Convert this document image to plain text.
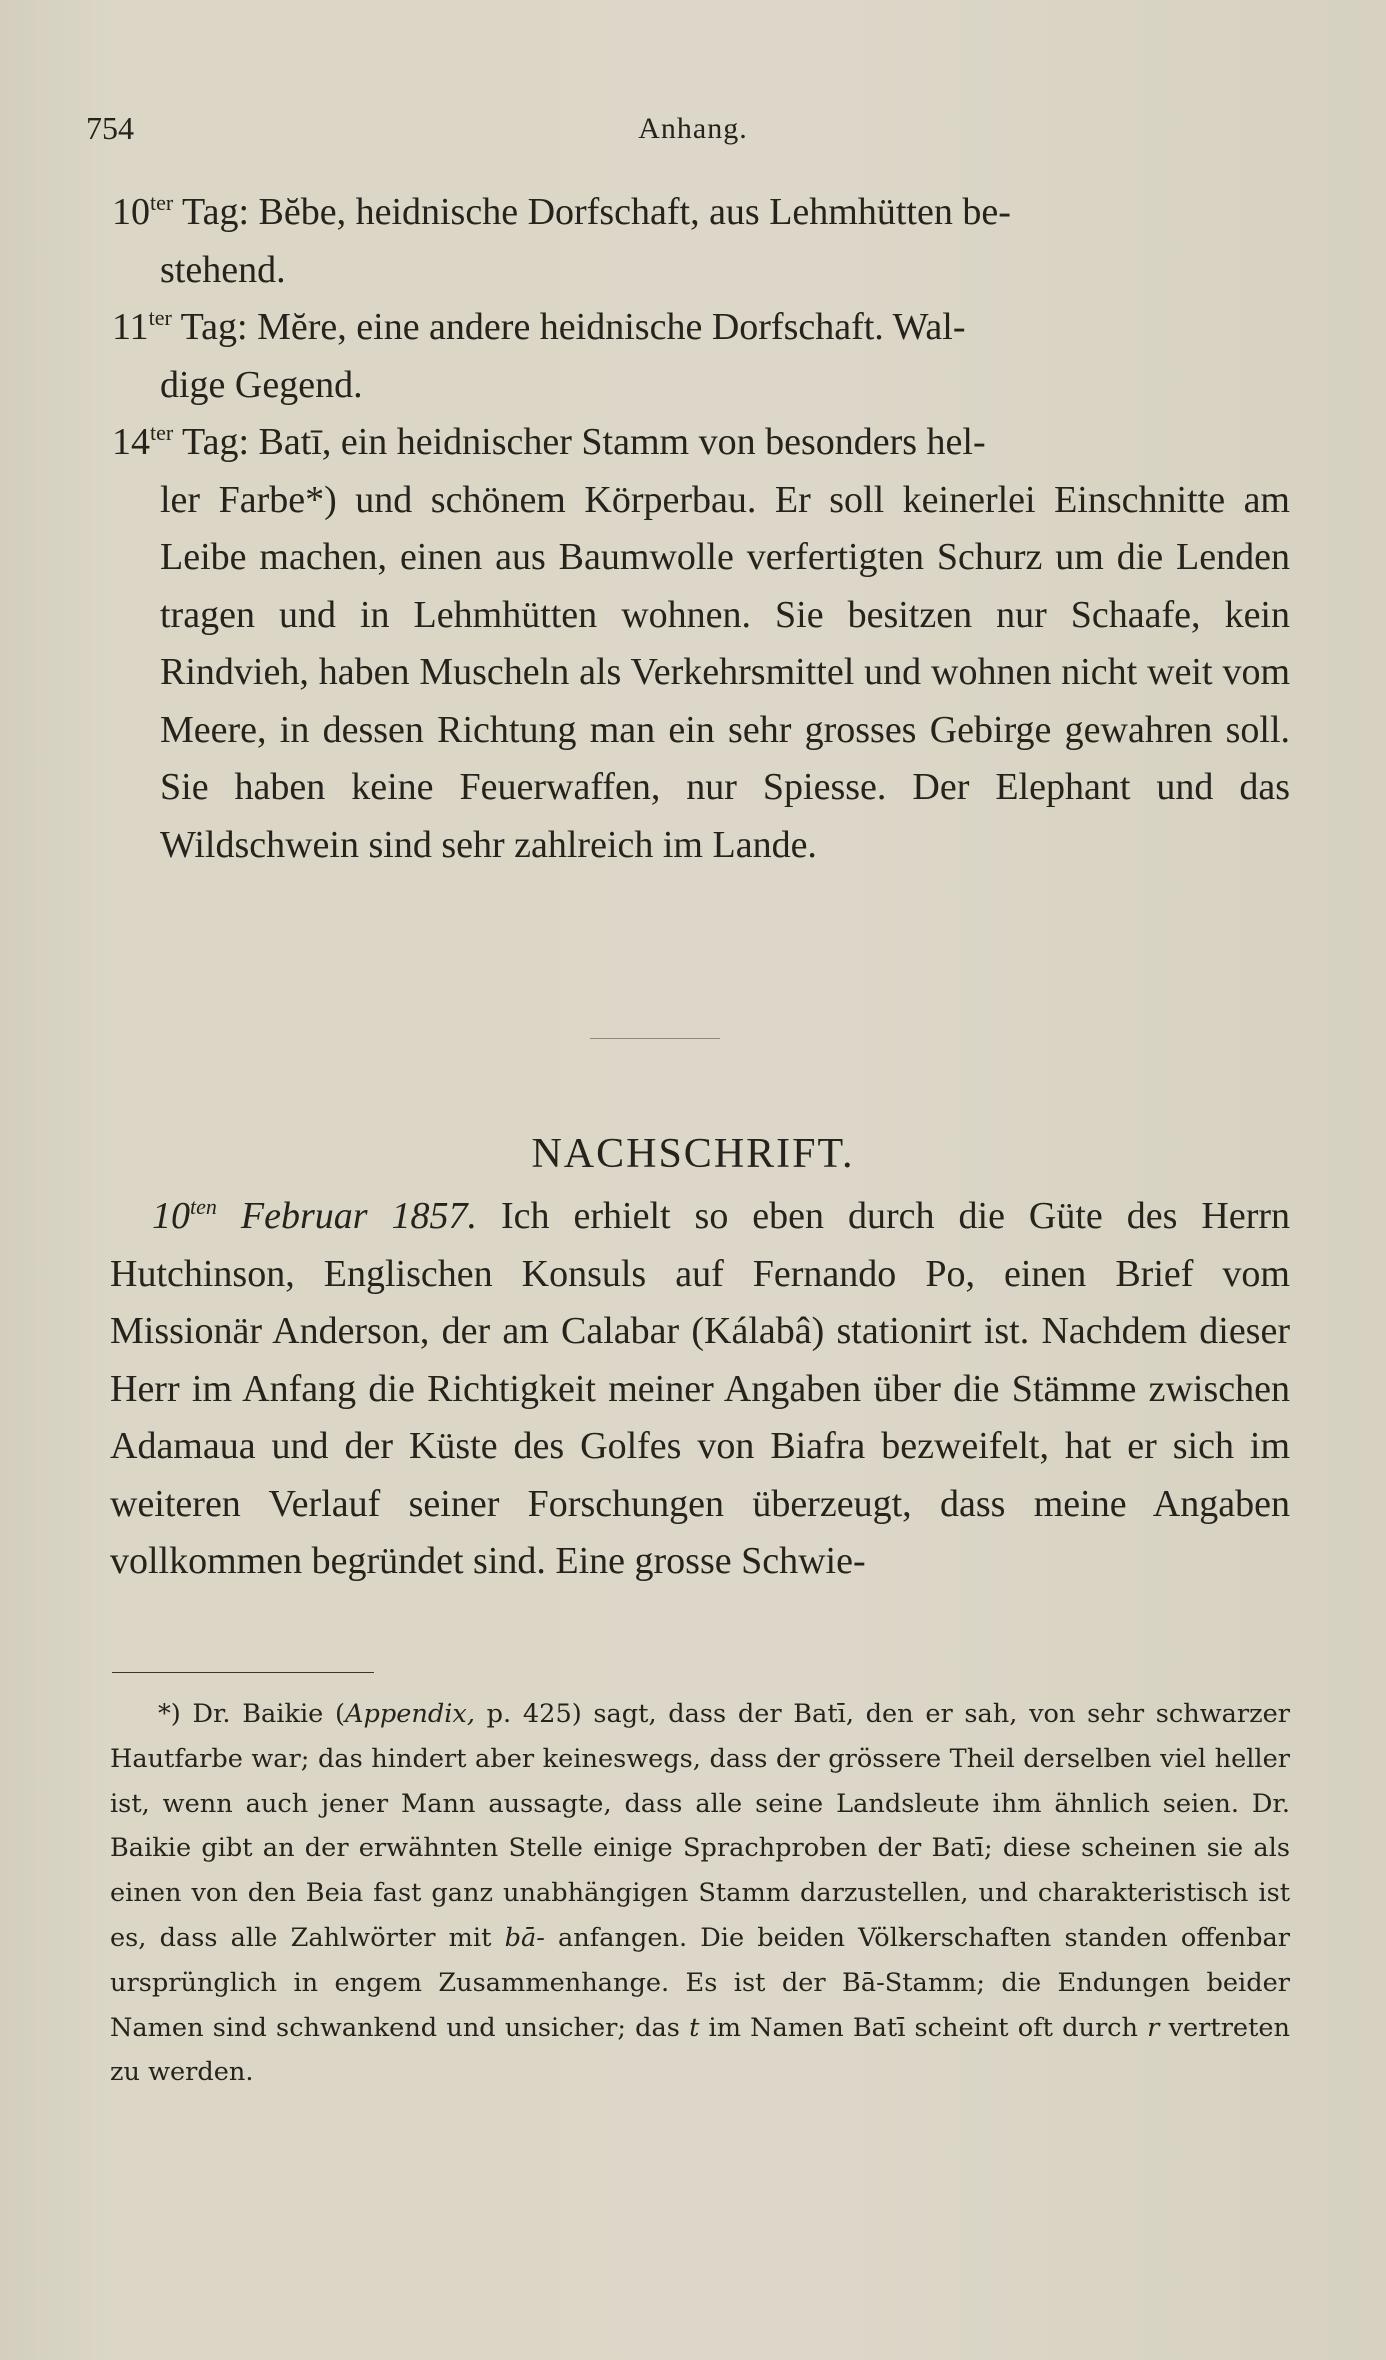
754	Anhang.

$10^{ter}$ Tag: Bĕbe, heidnische Dorfschaft, aus Lehmhütten be-
stehend.

$11^{ter}$ Tag: Mĕre, eine andere heidnische Dorfschaft. Wal-
dige Gegend.

$14^{ter}$ Tag: Batī, ein heidnischer Stamm von besonders hel-
ler Farbe*) und schönem Körperbau. Er soll keinerlei Einschnitte am Leibe machen, einen aus Baumwolle verfertigten Schurz um die Lenden tragen und in Lehmhütten wohnen. Sie besitzen nur Schaafe, kein Rindvieh, haben Muscheln als Verkehrsmittel und wohnen nicht weit vom Meere, in dessen Richtung man ein sehr grosses Gebirge gewahren soll. Sie haben keine Feuerwaffen, nur Spiesse. Der Elephant und das Wildschwein sind sehr zahlreich im Lande.

NACHSCHRIFT.

$10^{ten}$ Februar 1857. Ich erhielt so eben durch die Güte des Herrn Hutchinson, Englischen Konsuls auf Fernando Po, einen Brief vom Missionär Anderson, der am Calabar (Kálabâ) stationirt ist. Nachdem dieser Herr im Anfang die Richtigkeit meiner Angaben über die Stämme zwischen Adamaua und der Küste des Golfes von Biafra bezweifelt, hat er sich im weiteren Verlauf seiner Forschungen überzeugt, dass meine Angaben vollkommen begründet sind. Eine grosse Schwie-

*) Dr. Baikie (Appendix, p. 425) sagt, dass der Batī, den er sah, von sehr schwarzer Hautfarbe war; das hindert aber keineswegs, dass der grössere Theil derselben viel heller ist, wenn auch jener Mann aussagte, dass alle seine Landsleute ihm ähnlich seien. Dr. Baikie gibt an der erwähnten Stelle einige Sprachproben der Batī; diese scheinen sie als einen von den Beia fast ganz unabhängigen Stamm darzustellen, und charakteristisch ist es, dass alle Zahlwörter mit bā- anfangen. Die beiden Völkerschaften standen offenbar ursprünglich in engem Zusammenhange. Es ist der Bā-Stamm; die Endungen beider Namen sind schwankend und unsicher; das t im Namen Batī scheint oft durch r vertreten zu werden.
